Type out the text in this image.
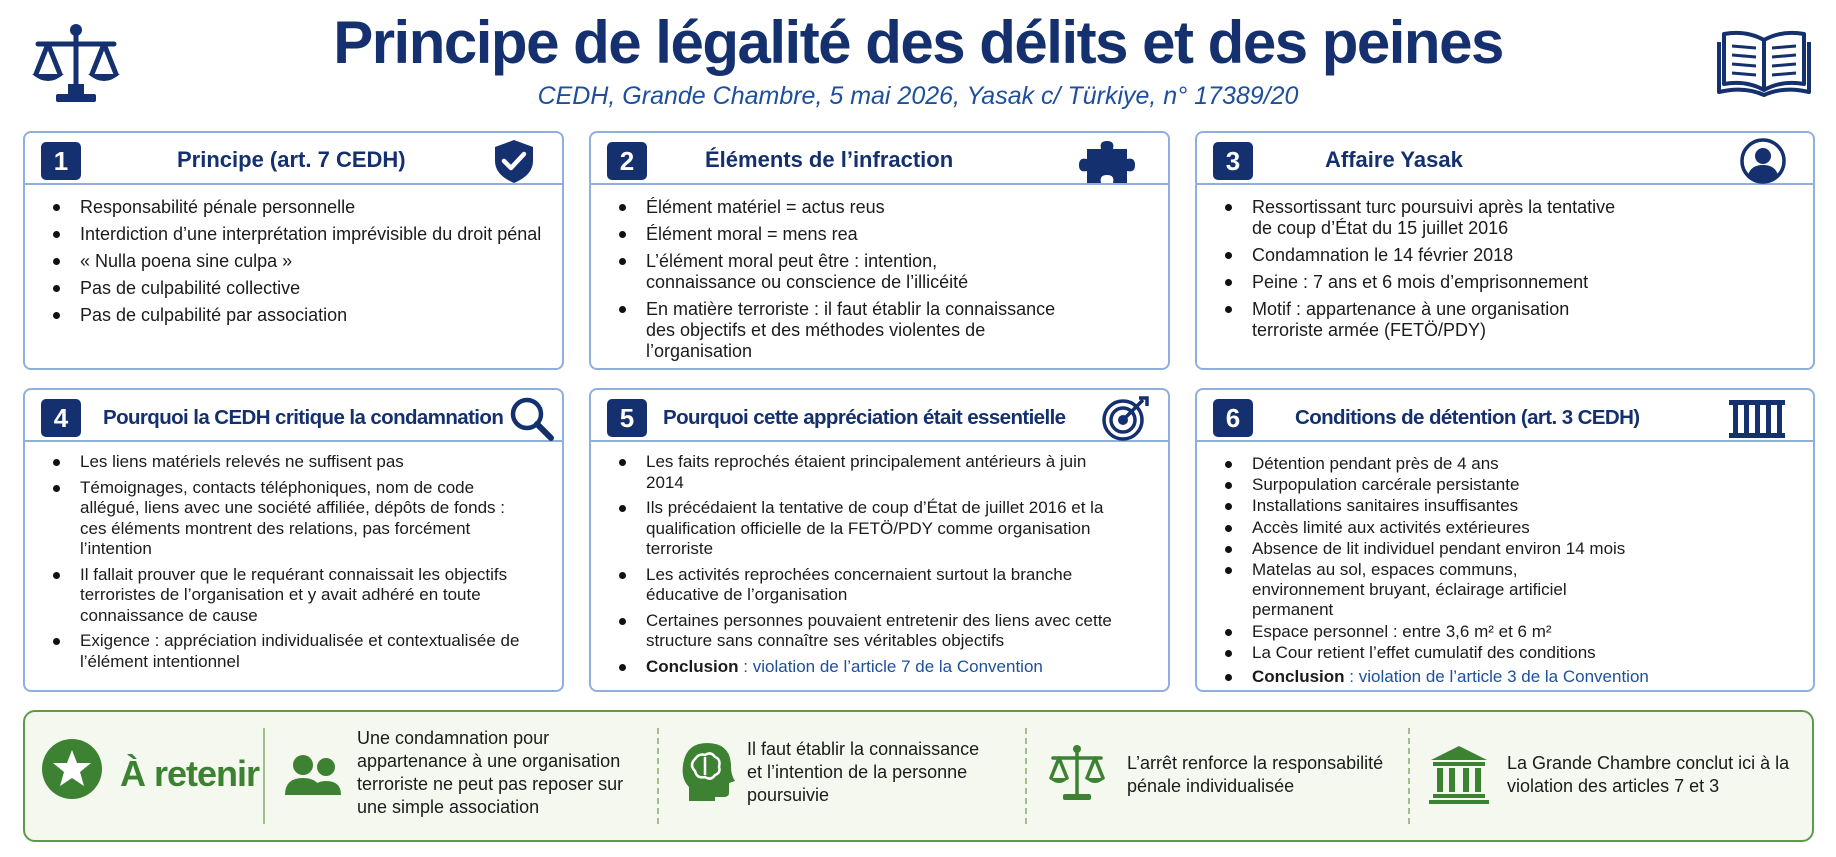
Principe de légalité des délits et des peines
CEDH, Grande Chambre, 5 mai 2026, Yasak c/ Türkiye, n° 17389/20
1	Principe (art. 7 CEDH)
Responsabilité pénale personnelle
Interdiction d’une interprétation imprévisible du droit pénal
« Nulla poena sine culpa »
Pas de culpabilité collective
Pas de culpabilité par association
2	Éléments de l’infraction
Élément matériel = actus reus
Élément moral = mens rea
L’élément moral peut être : intention, connaissance ou conscience de l’illicéité
En matière terroriste : il faut établir la connaissance des objectifs et des méthodes violentes de l’organisation
3	Affaire Yasak
Ressortissant turc poursuivi après la tentative de coup d’État du 15 juillet 2016
Condamnation le 14 février 2018
Peine : 7 ans et 6 mois d’emprisonnement
Motif : appartenance à une organisation terroriste armée (FETÖ/PDY)
4	Pourquoi la CEDH critique la condamnation
Les liens matériels relevés ne suffisent pas
Témoignages, contacts téléphoniques, nom de code allégué, liens avec une société affiliée, dépôts de fonds : ces éléments montrent des relations, pas forcément l’intention
Il fallait prouver que le requérant connaissait les objectifs terroristes de l’organisation et y avait adhéré en toute connaissance de cause
Exigence : appréciation individualisée et contextualisée de l’élément intentionnel
5	Pourquoi cette appréciation était essentielle
Les faits reprochés étaient principalement antérieurs à juin 2014
Ils précédaient la tentative de coup d’État de juillet 2016 et la qualification officielle de la FETÖ/PDY comme organisation terroriste
Les activités reprochées concernaient surtout la branche éducative de l’organisation
Certaines personnes pouvaient entretenir des liens avec cette structure sans connaître ses véritables objectifs
Conclusion : violation de l’article 7 de la Convention
6	Conditions de détention (art. 3 CEDH)
Détention pendant près de 4 ans
Surpopulation carcérale persistante
Installations sanitaires insuffisantes
Accès limité aux activités extérieures
Absence de lit individuel pendant environ 14 mois
Matelas au sol, espaces communs, environnement bruyant, éclairage artificiel permanent
Espace personnel : entre 3,6 m² et 6 m²
La Cour retient l’effet cumulatif des conditions
Conclusion : violation de l’article 3 de la Convention
À retenir
Une condamnation pour appartenance à une organisation terroriste ne peut pas reposer sur une simple association
Il faut établir la connaissance et l’intention de la personne poursuivie
L’arrêt renforce la responsabilité pénale individualisée
La Grande Chambre conclut ici à la violation des articles 7 et 3
